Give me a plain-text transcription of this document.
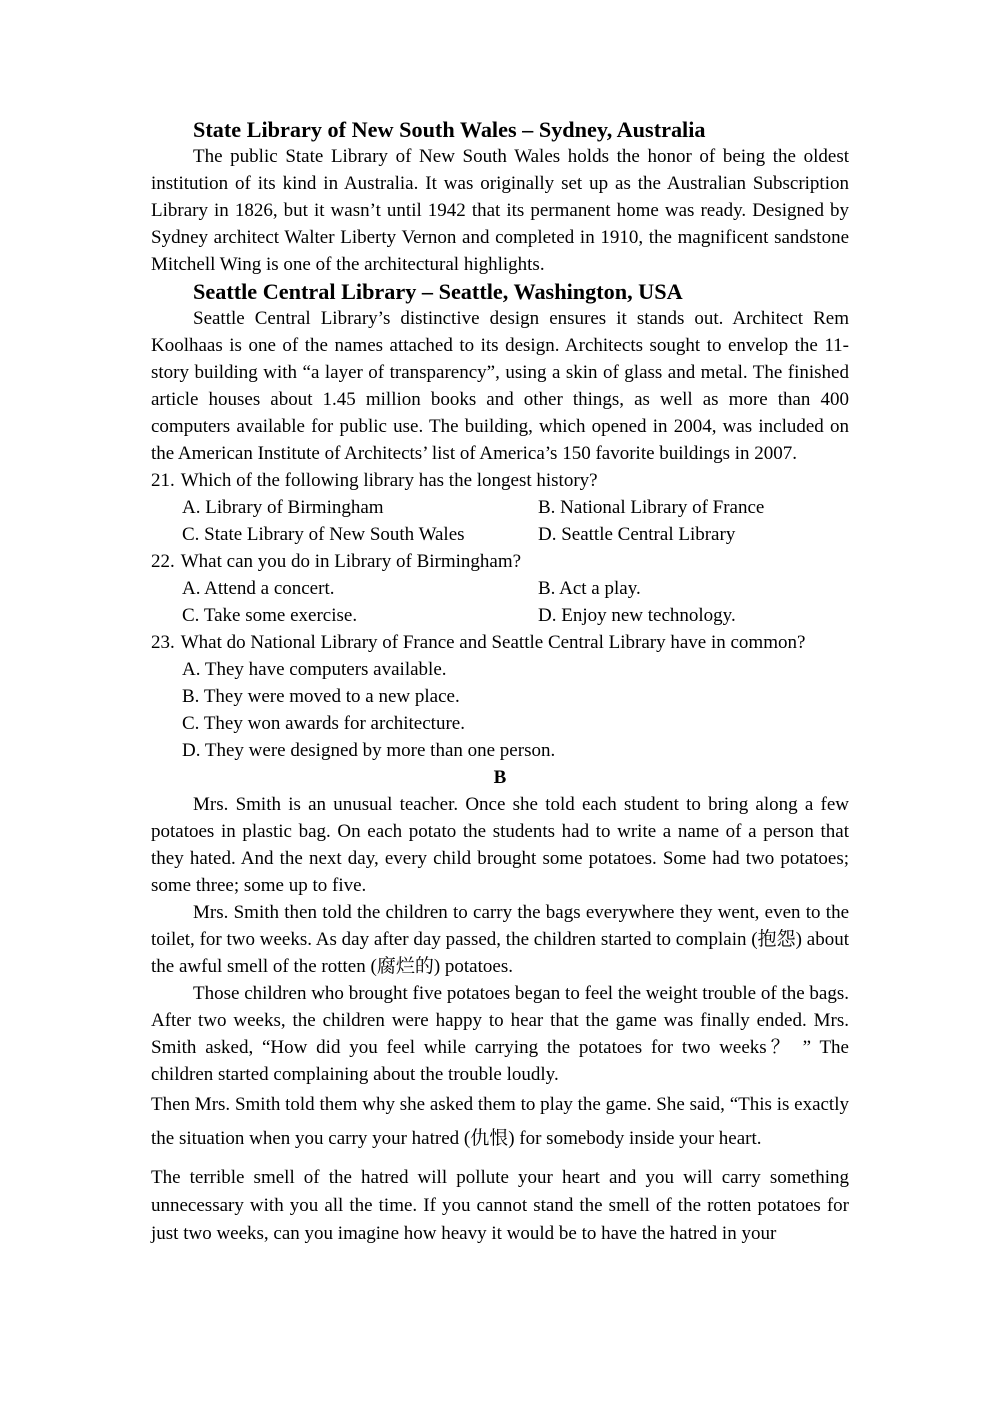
State Library of New South Wales – Sydney, Australia

The public State Library of New South Wales holds the honor of being the oldest institution of its kind in Australia. It was originally set up as the Australian Subscription Library in 1826, but it wasn’t until 1942 that its permanent home was ready. Designed by Sydney architect Walter Liberty Vernon and completed in 1910, the magnificent sandstone Mitchell Wing is one of the architectural highlights.

Seattle Central Library – Seattle, Washington, USA

Seattle Central Library’s distinctive design ensures it stands out. Architect Rem Koolhaas is one of the names attached to its design. Architects sought to envelop the 11-story building with “a layer of transparency”, using a skin of glass and metal. The finished article houses about 1.45 million books and other things, as well as more than 400 computers available for public use. The building, which opened in 2004, was included on the American Institute of Architects’ list of America’s 150 favorite buildings in 2007.

21. Which of the following library has the longest history?
A. Library of Birmingham	B. National Library of France
C. State Library of New South Wales	D. Seattle Central Library
22. What can you do in Library of Birmingham?
A. Attend a concert.	B. Act a play.
C. Take some exercise.	D. Enjoy new technology.
23. What do National Library of France and Seattle Central Library have in common?
A. They have computers available.
B. They were moved to a new place.
C. They won awards for architecture.
D. They were designed by more than one person.
B

Mrs. Smith is an unusual teacher. Once she told each student to bring along a few potatoes in plastic bag. On each potato the students had to write a name of a person that they hated. And the next day, every child brought some potatoes. Some had two potatoes; some three; some up to five.

Mrs. Smith then told the children to carry the bags everywhere they went, even to the toilet, for two weeks. As day after day passed, the children started to complain (抱怨) about the awful smell of the rotten (腐烂的) potatoes.

Those children who brought five potatoes began to feel the weight trouble of the bags. After two weeks, the children were happy to hear that the game was finally ended. Mrs. Smith asked, “How did you feel while carrying the potatoes for two weeks？ ” The children started complaining about the trouble loudly.

Then Mrs. Smith told them why she asked them to play the game. She said, “This is exactly the situation when you carry your hatred (仇恨) for somebody inside your heart.

The terrible smell of the hatred will pollute your heart and you will carry something unnecessary with you all the time. If you cannot stand the smell of the rotten potatoes for just two weeks, can you imagine how heavy it would be to have the hatred in your
